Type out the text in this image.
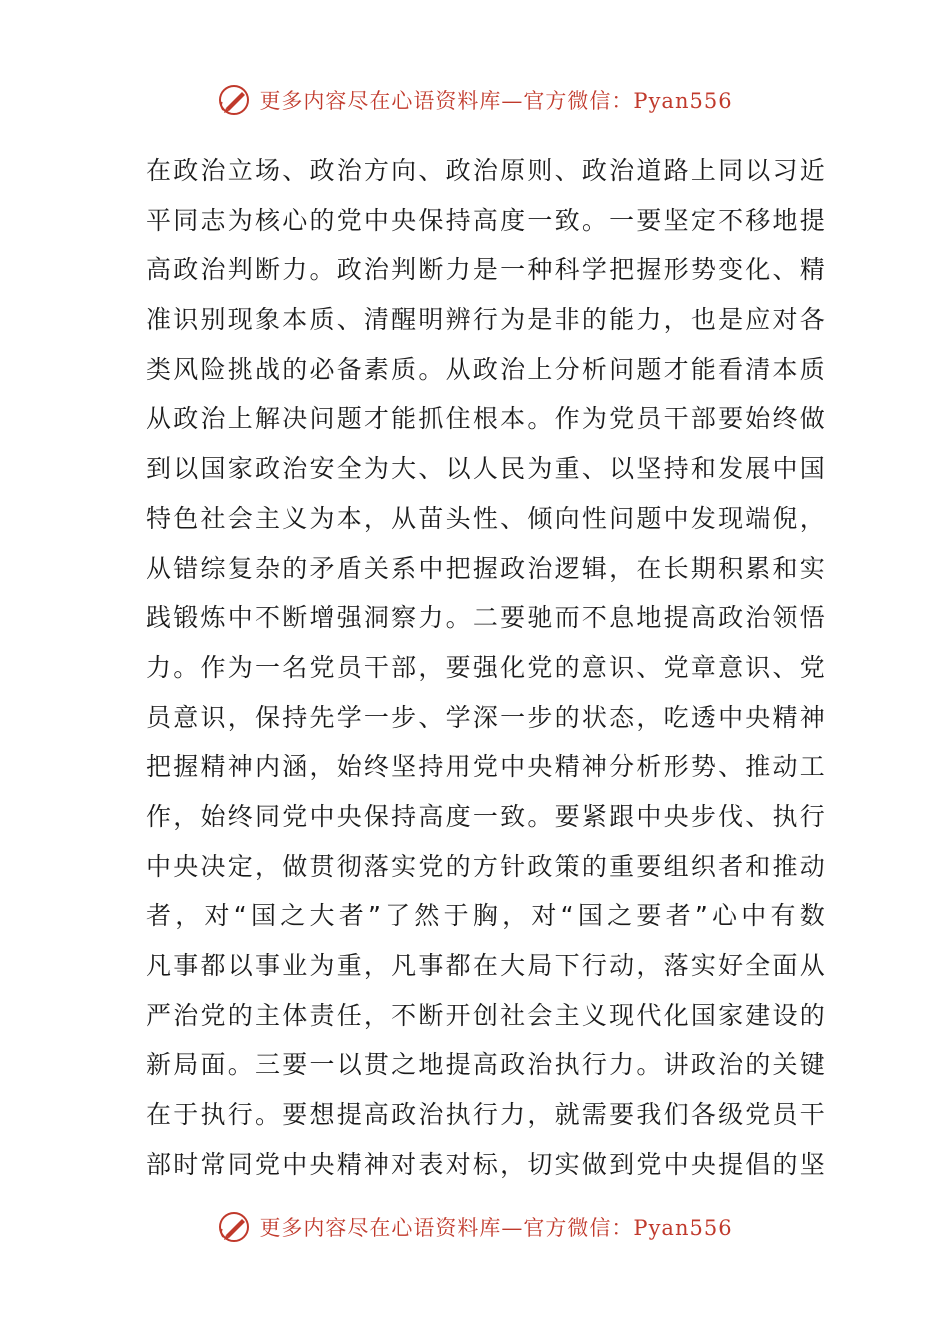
更多内容尽在心语资料库—官方微信：Pyan556
在政治立场、政治方向、政治原则、政治道路上同以习近
平同志为核心的党中央保持高度一致。一要坚定不移地提
高政治判断力。政治判断力是一种科学把握形势变化、精
准识别现象本质、清醒明辨行为是非的能力，也是应对各
类风险挑战的必备素质。从政治上分析问题才能看清本质
从政治上解决问题才能抓住根本。作为党员干部要始终做
到以国家政治安全为大、以人民为重、以坚持和发展中国
特色社会主义为本，从苗头性、倾向性问题中发现端倪，
从错综复杂的矛盾关系中把握政治逻辑，在长期积累和实
践锻炼中不断增强洞察力。二要驰而不息地提高政治领悟
力。作为一名党员干部，要强化党的意识、党章意识、党
员意识，保持先学一步、学深一步的状态，吃透中央精神
把握精神内涵，始终坚持用党中央精神分析形势、推动工
作，始终同党中央保持高度一致。要紧跟中央步伐、执行
中央决定，做贯彻落实党的方针政策的重要组织者和推动
者，对“国之大者”了然于胸，对“国之要者”心中有数
凡事都以事业为重，凡事都在大局下行动，落实好全面从
严治党的主体责任，不断开创社会主义现代化国家建设的
新局面。三要一以贯之地提高政治执行力。讲政治的关键
在于执行。要想提高政治执行力，就需要我们各级党员干
部时常同党中央精神对表对标，切实做到党中央提倡的坚
更多内容尽在心语资料库—官方微信：Pyan556
